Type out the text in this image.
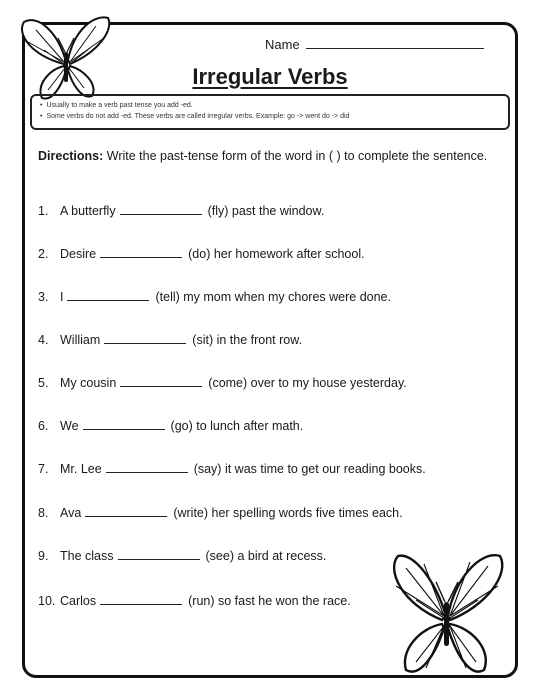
Name
Irregular Verbs
• Usually to make a verb past tense you add -ed.
• Some verbs do not add -ed. These verbs are called irregular verbs. Example: go -> went do -> did
Directions: Write the past-tense form of the word in ( ) to complete the sentence.
1. A butterfly	(fly) past the window.
2. Desire	(do) her homework after school.
3. I	(tell) my mom when my chores were done.
4. William	(sit) in the front row.
5. My cousin	(come) over to my house yesterday.
6. We	(go) to lunch after math.
7. Mr. Lee	(say) it was time to get our reading books.
8. Ava	(write) her spelling words five times each.
9. The class	(see) a bird at recess.
10. Carlos	(run) so fast he won the race.
